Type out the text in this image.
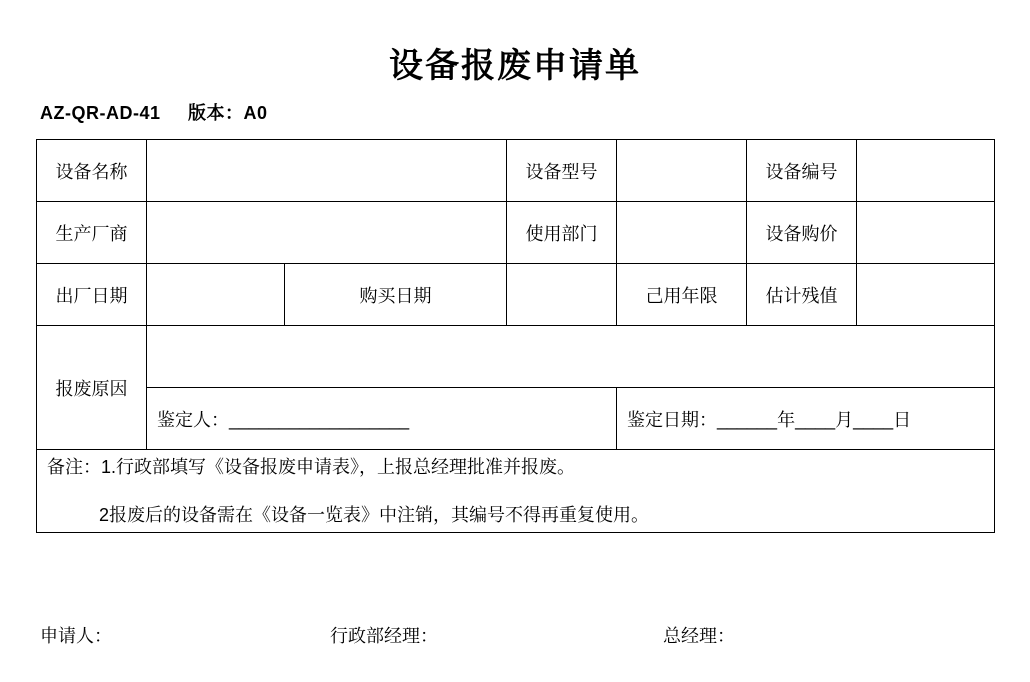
设备报废申请单
AZ-QR-AD-41 版本：A0
设备名称			设备型号		设备编号	
生产厂商			使用部门		设备购价	
出厂日期		购买日期		己用年限	估计残值	
报废原因						
	鉴定人：__________________			鉴定日期：______年____月____日		

备注：1.行政部填写《设备报废申请表》，上报总经理批准并报废。
2报废后的设备需在《设备一览表》中注销，其编号不得再重复使用。						
申请人：	行政部经理：	总经理：
